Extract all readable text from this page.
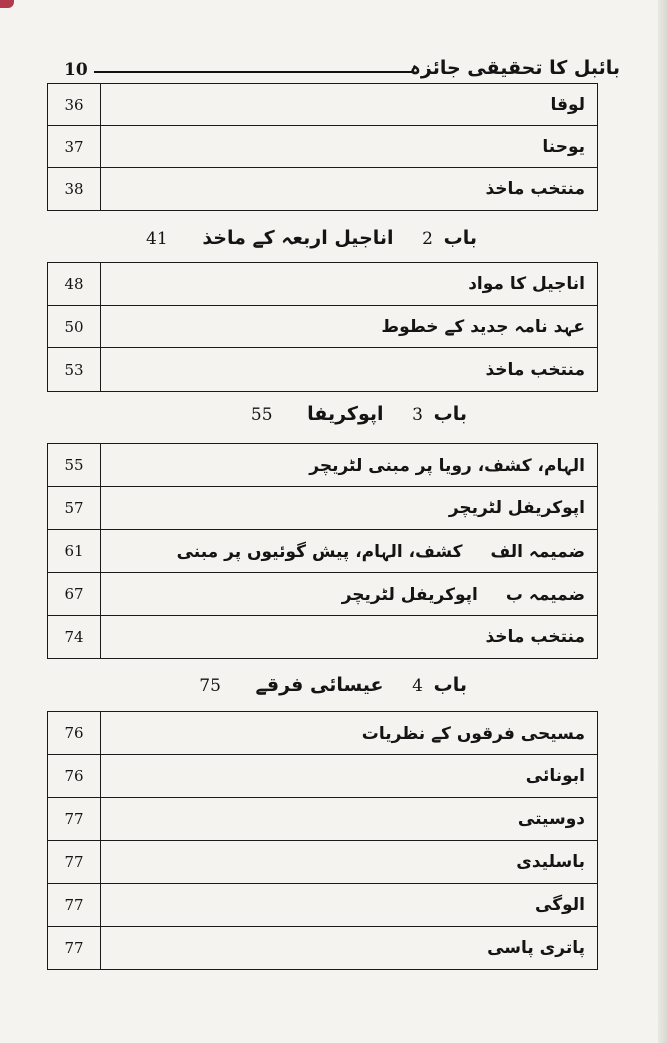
10	بائبل کا تحقیقی جائزہ
36	لوقا
37	یوحنا
38	منتخب ماخذ
باب 2 اناجیل اربعہ کے ماخذ 41
48	اناجیل کا مواد
50	عہد نامہ جدید کے خطوط
53	منتخب ماخذ
باب 3 اپوکریفا 55
55	الہام، کشف، رویا پر مبنی لٹریچر
57	اپوکریفل لٹریچر
61	ضمیمہ الفکشف، الہام، پیش گوئیوں پر مبنی
67	ضمیمہ باپوکریفل لٹریچر
74	منتخب ماخذ
باب 4 عیسائی فرقے 75
76	مسیحی فرقوں کے نظریات
76	ابونائی
77	دوسیتی
77	باسلیدی
77	الوگی
77	پاتری پاسی
